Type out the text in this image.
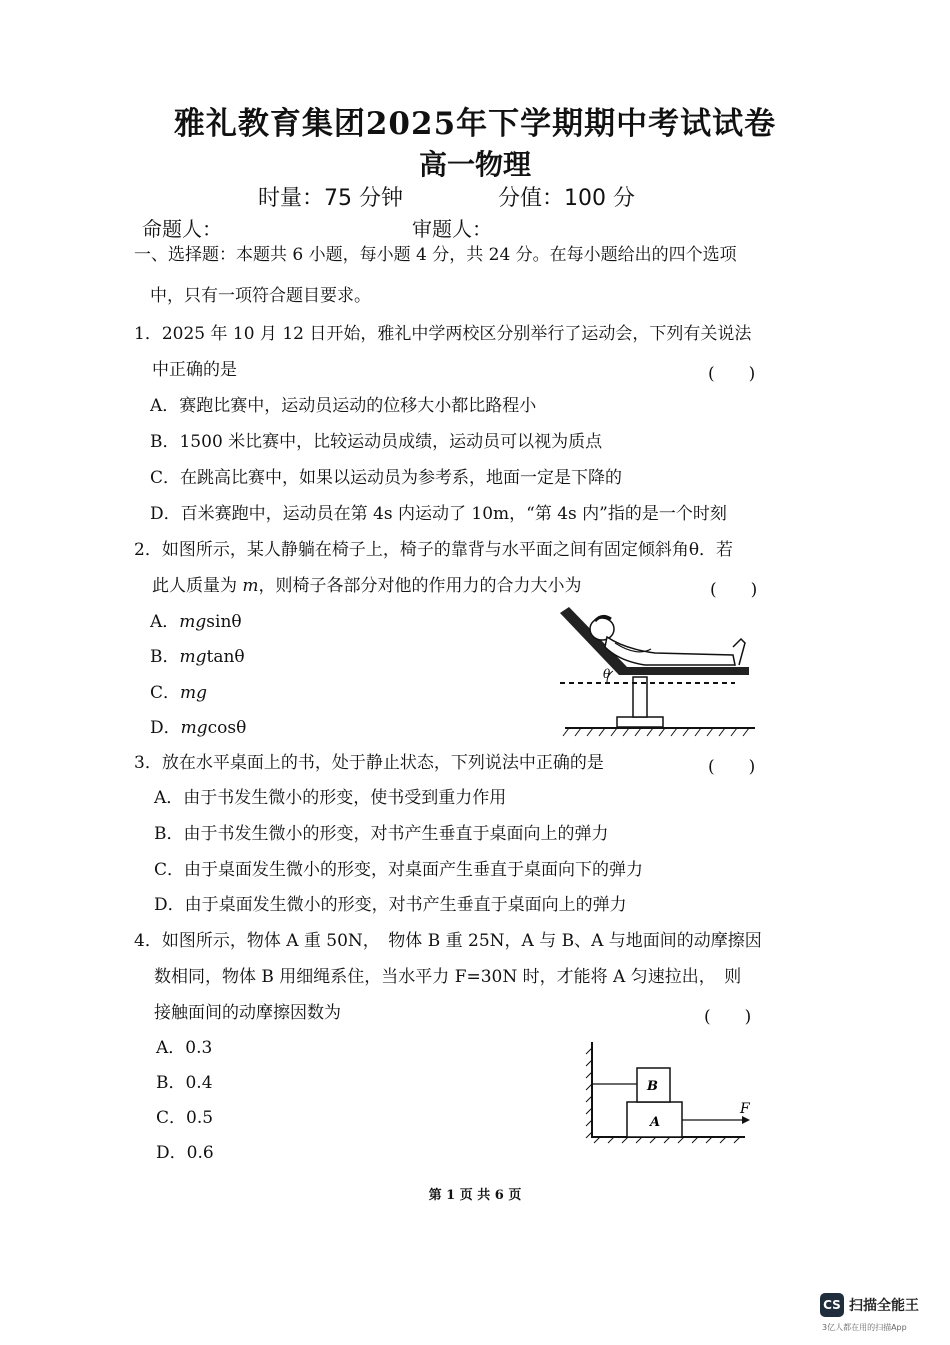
雅礼教育集团2025年下学期期中考试试卷
高一物理
时量：75 分钟	分值：100 分
命题人：	审题人：
一、选择题：本题共 6 小题，每小题 4 分，共 24 分。在每小题给出的四个选项
中，只有一项符合题目要求。
1．2025 年 10 月 12 日开始，雅礼中学两校区分别举行了运动会，下列有关说法
中正确的是	(　　)
A．赛跑比赛中，运动员运动的位移大小都比路程小
B．1500 米比赛中，比较运动员成绩，运动员可以视为质点
C．在跳高比赛中，如果以运动员为参考系，地面一定是下降的
D．百米赛跑中，运动员在第 4s 内运动了 10m，“第 4s 内”指的是一个时刻
2．如图所示，某人静躺在椅子上，椅子的靠背与水平面之间有固定倾斜角θ．若
此人质量为 m，则椅子各部分对他的作用力的合力大小为	(　　)
A．mgsinθ
B．mgtanθ
C．mg
D．mgcosθ
θ
3．放在水平桌面上的书，处于静止状态，下列说法中正确的是	(　　)
A．由于书发生微小的形变，使书受到重力作用
B．由于书发生微小的形变，对书产生垂直于桌面向上的弹力
C．由于桌面发生微小的形变，对桌面产生垂直于桌面向下的弹力
D．由于桌面发生微小的形变，对书产生垂直于桌面向上的弹力
4．如图所示，物体 A 重 50N，　物体 B 重 25N，A 与 B、A 与地面间的动摩擦因
数相同，物体 B 用细绳系住，当水平力 F=30N 时，才能将 A 匀速拉出，　则
接触面间的动摩擦因数为	(　　)
A．0.3
B．0.4
C．0.5
D．0.6
A
B
F
第 1 页 共 6 页
CS 扫描全能王
3亿人都在用的扫描App
